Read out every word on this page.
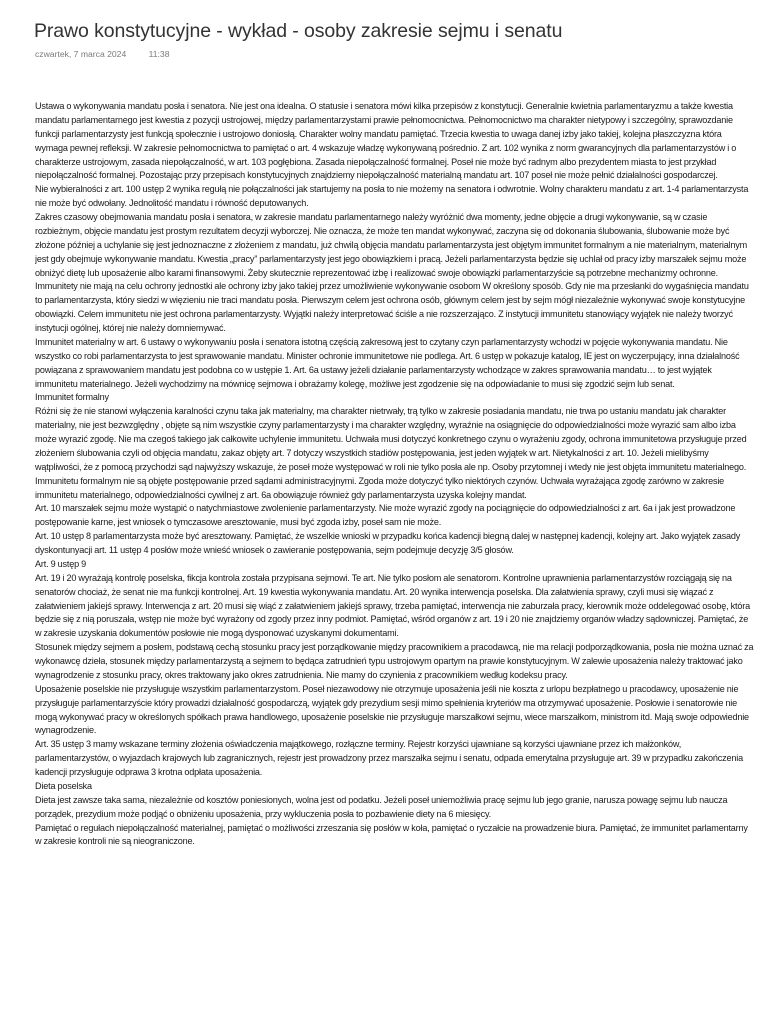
Prawo konstytucyjne - wykład - osoby zakresie sejmu i senatu
czwartek, 7 marca 2024	11:38

Ustawa o wykonywania mandatu posła i senatora. Nie jest ona idealna. O statusie i senatora mówi kilka przepisów z konstytucji. Generalnie kwietnia parlamentaryzmu a także kwestia mandatu parlamentarnego jest kwestia z pozycji ustrojowej, między parlamentarzystami prawie pełnomocnictwa. Pełnomocnictwo ma charakter nietypowy i szczególny, sprawozdanie funkcji parlamentarzysty jest funkcją społecznie i ustrojowo doniosłą. Charakter wolny mandatu pamiętać. Trzecia kwestia to uwaga danej izby jako takiej, kolejna płaszczyzna która wymaga pewnej refleksji. W zakresie pełnomocnictwa to pamiętać o art. 4 wskazuje władzę wykonywaną pośrednio. Z art. 102 wynika z norm gwarancyjnych dla parlamentarzystów i o charakterze ustrojowym, zasada niepołączalność, w art. 103 pogłębiona. Zasada niepołączalność formalnej. Poseł nie może być radnym albo prezydentem miasta to jest przykład niepołączalność formalnej. Pozostając przy przepisach konstytucyjnych znajdziemy niepołączalność materialną mandatu art. 107 poseł nie może pełnić działalności gospodarczej.

Nie wybieralności z art. 100 ustęp 2 wynika regułą nie połączalności jak startujemy na posła to nie możemy na senatora i odwrotnie. Wolny charakteru mandatu z art. 1-4 parlamentarzysta nie może być odwołany. Jednolitość mandatu i równość deputowanych.

Zakres czasowy obejmowania mandatu posła i senatora, w zakresie mandatu parlamentarnego należy wyróżnić dwa momenty, jedne objęcie a drugi wykonywanie, są w czasie rozbieżnym, objęcie mandatu jest prostym rezultatem decyzji wyborczej. Nie oznacza, że może ten mandat wykonywać, zaczyna się od dokonania ślubowania, ślubowanie może być złożone później a uchylanie się jest jednoznaczne z złożeniem z mandatu, już chwilą objęcia mandatu parlamentarzysta jest objętym immunitet formalnym a nie materialnym, materialnym jest gdy obejmuje wykonywanie mandatu. Kwestia „pracy” parlamentarzysty jest jego obowiązkiem i pracą. Jeżeli parlamentarzysta będzie się uchlał od pracy izby marszałek sejmu może obniżyć dietę lub uposażenie albo karami finansowymi. Żeby skutecznie reprezentować izbę i realizować swoje obowiązki parlamentarzyście są potrzebne mechanizmy ochronne. Immunitety nie mają na celu ochrony jednostki ale ochrony izby jako takiej przez umożliwienie wykonywanie osobom W określony sposób. Gdy nie ma przesłanki do wygaśnięcia mandatu to parlamentarzysta, który siedzi w więzieniu nie traci mandatu posła. Pierwszym celem jest ochrona osób, głównym celem jest by sejm mógł niezależnie wykonywać swoje konstytucyjne obowiązki. Celem immunitetu nie jest ochrona parlamentarzysty. Wyjątki należy interpretować ściśle a nie rozszerzająco. Z instytucji immunitetu stanowiący wyjątek nie należy tworzyć instytucji ogólnej, której nie należy domniemywać.

Immunitet materialny w art. 6 ustawy o wykonywaniu posła i senatora istotną częścią zakresową jest to czytany czyn parlamentarzysty wchodzi w pojęcie wykonywania mandatu. Nie wszystko co robi parlamentarzysta to jest sprawowanie mandatu. Minister ochronie immunitetowe nie podlega. Art. 6 ustęp w pokazuje katalog, IE jest on wyczerpujący, inna działalność powiązana z sprawowaniem mandatu jest podobna co w ustępie 1. Art. 6a ustawy jeżeli działanie parlamentarzysty wchodzące w zakres sprawowania mandatu… to jest wyjątek immunitetu materialnego. Jeżeli wychodzimy na mównicę sejmowa i obrażamy kolegę, możliwe jest zgodzenie się na odpowiadanie to musi się zgodzić sejm lub senat.

Immunitet formalny

Różni się że nie stanowi wyłączenia karalności czynu taka jak materialny, ma charakter nietrwały, trą tylko w zakresie posiadania mandatu, nie trwa po ustaniu mandatu jak charakter materialny, nie jest bezwzględny , objęte są nim wszystkie czyny parlamentarzysty i ma charakter względny, wyraźnie na osiągnięcie do odpowiedzialności może wyrazić sam albo izba może wyrazić zgodę. Nie ma czegoś takiego jak całkowite uchylenie immunitetu. Uchwała musi dotyczyć konkretnego czynu o wyrażeniu zgody, ochrona immunitetowa przysługuje przed złożeniem ślubowania czyli od objęcia mandatu, zakaz objęty art. 7 dotyczy wszystkich stadiów postępowania, jest jeden wyjątek w art. Nietykalności z art. 10. Jeżeli mielibyśmy wątpliwości, że z pomocą przychodzi sąd najwyższy wskazuje, że poseł może występować w roli nie tylko posła ale np. Osoby przytomnej i wtedy nie jest objęta immunitetu materialnego. Immunitetu formalnym nie są objęte postępowanie przed sądami administracyjnymi. Zgoda może dotyczyć tylko niektórych czynów. Uchwała wyrażająca zgodę zarówno w zakresie immunitetu materialnego, odpowiedzialności cywilnej z art. 6a obowiązuje również gdy parlamentarzysta uzyska kolejny mandat.

Art. 10 marszałek sejmu może wystąpić o natychmiastowe zwolenienie parlamentarzysty. Nie może wyrazić zgody na pociągnięcie do odpowiedzialności z art. 6a i jak jest prowadzone postępowanie karne, jest wniosek o tymczasowe aresztowanie, musi być zgoda izby, poseł sam nie może.

Art. 10 ustęp 8 parlamentarzysta może być aresztowany. Pamiętać, że wszelkie wnioski w przypadku końca kadencji biegną dalej w następnej kadencji, kolejny art. Jako wyjątek zasady dyskontunyacji art. 11 ustęp 4 posłów może wnieść wniosek o zawieranie postępowania, sejm podejmuje decyzję 3/5 głosów.

Art. 9 ustęp 9

Art. 19 i 20 wyrażają kontrolę poselska, fikcja kontrola została przypisana sejmowi. Te art. Nie tylko posłom ale senatorom. Kontrolne uprawnienia parlamentarzystów rozciągają się na senatorów chociaż, że senat nie ma funkcji kontrolnej. Art. 19 kwestia wykonywania mandatu. Art. 20 wynika interwencja poselska. Dla załatwienia sprawy, czyli musi się wiązać z załatwieniem jakiejś sprawy. Interwencja z art. 20 musi się wiąć z załatwieniem jakiejś sprawy, trzeba pamiętać, interwencja nie zaburzała pracy, kierownik może oddelegować osobę, która będzie się z nią poruszała, wstęp nie może być wyrażony od zgody przez inny podmiot. Pamiętać, wśród organów z art. 19 i 20 nie znajdziemy organów władzy sądowniczej. Pamiętać, że w zakresie uzyskania dokumentów posłowie nie mogą dysponować uzyskanymi dokumentami.

Stosunek między sejmem a posłem, podstawą cechą stosunku pracy jest porządkowanie między pracownikiem a pracodawcą, nie ma relacji podporządkowania, posła nie można uznać za wykonawcę dzieła, stosunek między parlamentarzystą a sejmem to będąca zatrudnień typu ustrojowym opartym na prawie konstytucyjnym. W zalewie uposażenia należy traktować jako wynagrodzenie z stosunku pracy, okres traktowany jako okres zatrudnienia. Nie mamy do czynienia z pracownikiem według kodeksu pracy.

Uposażenie poselskie nie przysługuje wszystkim parlamentarzystom. Poseł niezawodowy nie otrzymuje uposażenia jeśli nie koszta z urlopu bezpłatnego u pracodawcy, uposażenie nie przysługuje parlamentarzyście który prowadzi działalność gospodarczą, wyjątek gdy prezydium sesji mimo spełnienia kryteriów ma otrzymywać uposażenie. Posłowie i senatorowie nie mogą wykonywać pracy w określonych spółkach prawa handlowego, uposażenie poselskie nie przysługuje marszałkowi sejmu, wiece marszałkom, ministrom itd. Mają swoje odpowiednie wynagrodzenie.

Art. 35 ustęp 3 mamy wskazane terminy złożenia oświadczenia majątkowego, rozłączne terminy. Rejestr korzyści ujawniane są korzyści ujawniane przez ich małżonków, parlamentarzystów, o wyjazdach krajowych lub zagranicznych, rejestr jest prowadzony przez marszałka sejmu i senatu, odpada emerytalna przysługuje art. 39 w przypadku zakończenia kadencji przysługuje odprawa 3 krotna odpłata uposażenia.

Dieta poselska

Dieta jest zawsze taka sama, niezależnie od kosztów poniesionych, wolna jest od podatku. Jeżeli poseł uniemożliwia pracę sejmu lub jego granie, narusza powagę sejmu lub naucza porządek, prezydium może podjąć o obniżeniu uposażenia, przy wykluczenia posła to pozbawienie diety na 6 miesięcy.

Pamiętać o regułach niepołączalność materialnej, pamiętać o możliwości zrzeszania się posłów w koła, pamiętać o ryczałcie na prowadzenie biura. Pamiętać, że immunitet parlamentarny w zakresie kontroli nie są nieograniczone.
